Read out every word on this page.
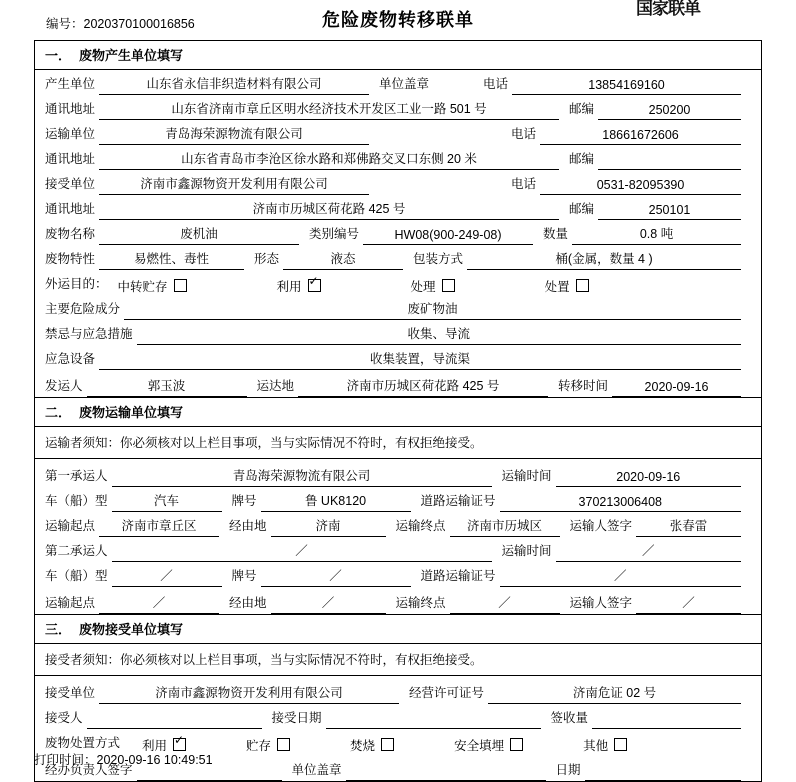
编号：2020370100016856	危险废物转移联单
国家联单
一． 废物产生单位填写
产生单位	山东省永信非织造材料有限公司	单位盖章	电话	13854169160
通讯地址	山东省济南市章丘区明水经济技术开发区工业一路 501 号	邮编	250200
运输单位	青岛海荣源物流有限公司	电话	18661672606
通讯地址	山东省青岛市李沧区徐水路和郑佛路交叉口东侧 20 米	邮编
接受单位	济南市鑫源物资开发利用有限公司	电话	0531-82095390
通讯地址	济南市历城区荷花路 425 号	邮编	250101
废物名称	废机油	类别编号	HW08(900-249-08)	数量	0.8 吨
废物特性	易燃性、毒性	形态	液态	包装方式	桶(金属，数量 4 )
外运目的： 中转贮存	利用 ✓	处理	处置
主要危险成分	废矿物油
禁忌与应急措施	收集、导流
应急设备	收集装置，导流渠
发运人	郭玉波	运达地	济南市历城区荷花路 425 号	转移时间	2020-09-16
二． 废物运输单位填写
运输者须知：你必须核对以上栏目事项，当与实际情况不符时，有权拒绝接受。
第一承运人	青岛海荣源物流有限公司	运输时间	2020-09-16
车（船）型	汽车	牌号	鲁 UK8120	道路运输证号	370213006408
运输起点	济南市章丘区	经由地	济南	运输终点	济南市历城区	运输人签字	张春雷
第二承运人	／	运输时间	／
车（船）型	／	牌号	／	道路运输证号	／
运输起点	／	经由地	／	运输终点	／	运输人签字	／
三． 废物接受单位填写
接受者须知：你必须核对以上栏目事项，当与实际情况不符时，有权拒绝接受。
接受单位	济南市鑫源物资开发利用有限公司	经营许可证号	济南危证 02 号
接受人	接受日期	签收量
废物处置方式 利用 ✓	贮存	焚烧	安全填埋	其他
经办负责人签字	单位盖章	日期
打印时间：2020-09-16 10:49:51
